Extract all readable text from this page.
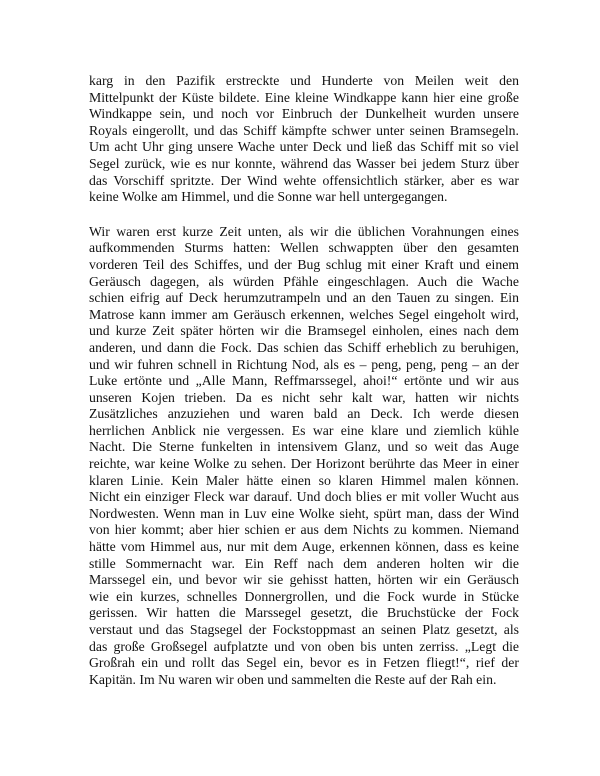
karg in den Pazifik erstreckte und Hunderte von Meilen weit den
Mittelpunkt der Küste bildete. Eine kleine Windkappe kann hier eine große
Windkappe sein, und noch vor Einbruch der Dunkelheit wurden unsere
Royals eingerollt, und das Schiff kämpfte schwer unter seinen Bramsegeln.
Um acht Uhr ging unsere Wache unter Deck und ließ das Schiff mit so viel
Segel zurück, wie es nur konnte, während das Wasser bei jedem Sturz über
das Vorschiff spritzte. Der Wind wehte offensichtlich stärker, aber es war
keine Wolke am Himmel, und die Sonne war hell untergegangen.
Wir waren erst kurze Zeit unten, als wir die üblichen Vorahnungen eines
aufkommenden Sturms hatten: Wellen schwappten über den gesamten
vorderen Teil des Schiffes, und der Bug schlug mit einer Kraft und einem
Geräusch dagegen, als würden Pfähle eingeschlagen. Auch die Wache
schien eifrig auf Deck herumzutrampeln und an den Tauen zu singen. Ein
Matrose kann immer am Geräusch erkennen, welches Segel eingeholt wird,
und kurze Zeit später hörten wir die Bramsegel einholen, eines nach dem
anderen, und dann die Fock. Das schien das Schiff erheblich zu beruhigen,
und wir fuhren schnell in Richtung Nod, als es – peng, peng, peng – an der
Luke ertönte und „Alle Mann, Reffmarssegel, ahoi!“ ertönte und wir aus
unseren Kojen trieben. Da es nicht sehr kalt war, hatten wir nichts
Zusätzliches anzuziehen und waren bald an Deck. Ich werde diesen
herrlichen Anblick nie vergessen. Es war eine klare und ziemlich kühle
Nacht. Die Sterne funkelten in intensivem Glanz, und so weit das Auge
reichte, war keine Wolke zu sehen. Der Horizont berührte das Meer in einer
klaren Linie. Kein Maler hätte einen so klaren Himmel malen können.
Nicht ein einziger Fleck war darauf. Und doch blies er mit voller Wucht aus
Nordwesten. Wenn man in Luv eine Wolke sieht, spürt man, dass der Wind
von hier kommt; aber hier schien er aus dem Nichts zu kommen. Niemand
hätte vom Himmel aus, nur mit dem Auge, erkennen können, dass es keine
stille Sommernacht war. Ein Reff nach dem anderen holten wir die
Marssegel ein, und bevor wir sie gehisst hatten, hörten wir ein Geräusch
wie ein kurzes, schnelles Donnergrollen, und die Fock wurde in Stücke
gerissen. Wir hatten die Marssegel gesetzt, die Bruchstücke der Fock
verstaut und das Stagsegel der Fockstoppmast an seinen Platz gesetzt, als
das große Großsegel aufplatzte und von oben bis unten zerriss. „Legt die
Großrah ein und rollt das Segel ein, bevor es in Fetzen fliegt!“, rief der
Kapitän. Im Nu waren wir oben und sammelten die Reste auf der Rah ein.
